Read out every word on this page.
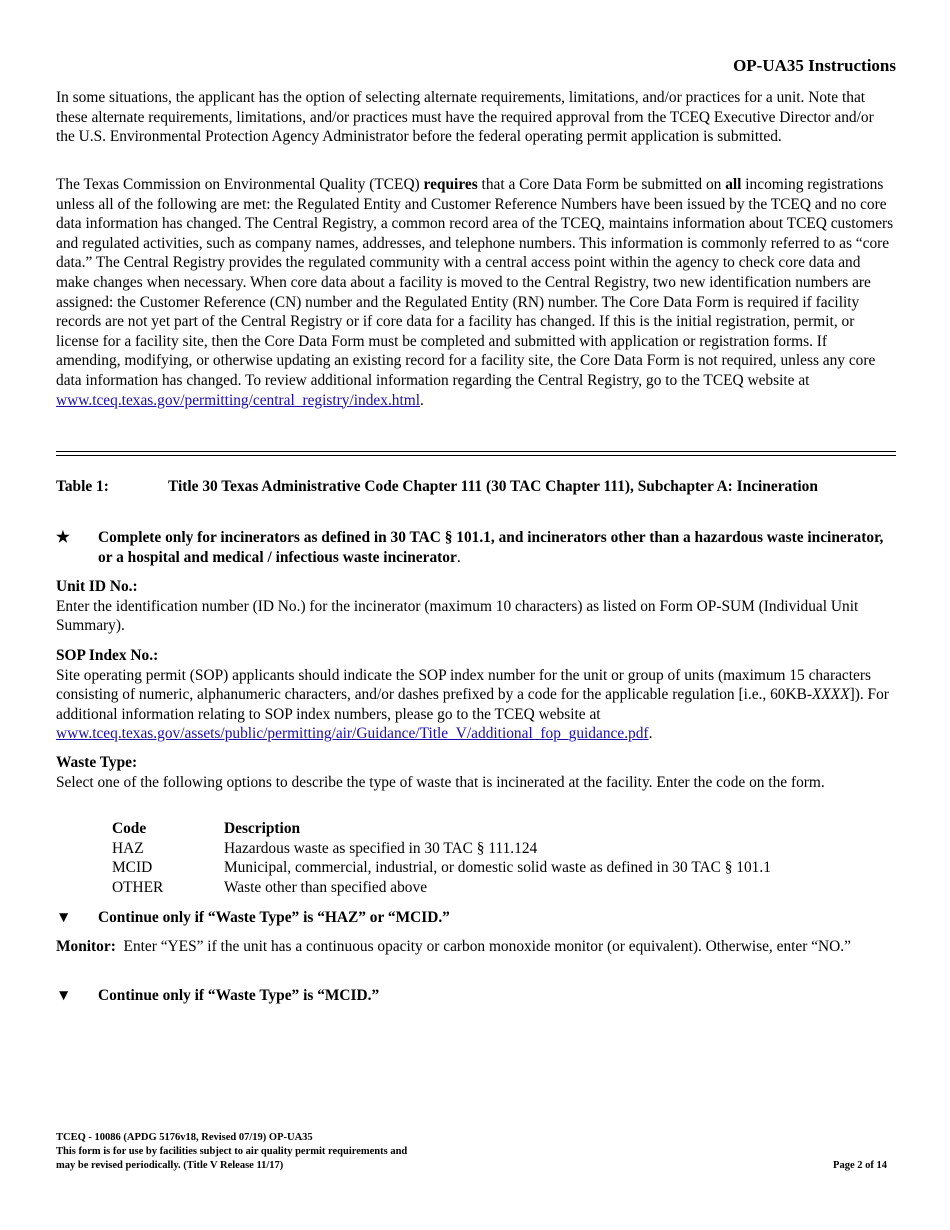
OP-UA35 Instructions

In some situations, the applicant has the option of selecting alternate requirements, limitations, and/or practices for a unit. Note that these alternate requirements, limitations, and/or practices must have the required approval from the TCEQ Executive Director and/or the U.S. Environmental Protection Agency Administrator before the federal operating permit application is submitted.

The Texas Commission on Environmental Quality (TCEQ) requires that a Core Data Form be submitted on all incoming registrations unless all of the following are met: the Regulated Entity and Customer Reference Numbers have been issued by the TCEQ and no core data information has changed. The Central Registry, a common record area of the TCEQ, maintains information about TCEQ customers and regulated activities, such as company names, addresses, and telephone numbers. This information is commonly referred to as “core data.” The Central Registry provides the regulated community with a central access point within the agency to check core data and make changes when necessary. When core data about a facility is moved to the Central Registry, two new identification numbers are assigned: the Customer Reference (CN) number and the Regulated Entity (RN) number. The Core Data Form is required if facility records are not yet part of the Central Registry or if core data for a facility has changed. If this is the initial registration, permit, or license for a facility site, then the Core Data Form must be completed and submitted with application or registration forms. If amending, modifying, or otherwise updating an existing record for a facility site, the Core Data Form is not required, unless any core data information has changed. To review additional information regarding the Central Registry, go to the TCEQ website at www.tceq.texas.gov/permitting/central_registry/index.html.

Table 1:	Title 30 Texas Administrative Code Chapter 111 (30 TAC Chapter 111), Subchapter A: Incineration
★ Complete only for incinerators as defined in 30 TAC § 101.1, and incinerators other than a hazardous waste incinerator, or a hospital and medical / infectious waste incinerator.
Unit ID No.:
Enter the identification number (ID No.) for the incinerator (maximum 10 characters) as listed on Form OP-SUM (Individual Unit Summary).
SOP Index No.:
Site operating permit (SOP) applicants should indicate the SOP index number for the unit or group of units (maximum 15 characters consisting of numeric, alphanumeric characters, and/or dashes prefixed by a code for the applicable regulation [i.e., 60KB-XXXX]). For additional information relating to SOP index numbers, please go to the TCEQ website at www.tceq.texas.gov/assets/public/permitting/air/Guidance/Title_V/additional_fop_guidance.pdf.
Waste Type:
Select one of the following options to describe the type of waste that is incinerated at the facility. Enter the code on the form.
Code	Description
HAZ	Hazardous waste as specified in 30 TAC § 111.124
MCID	Municipal, commercial, industrial, or domestic solid waste as defined in 30 TAC § 101.1
OTHER	Waste other than specified above
▼ Continue only if “Waste Type” is “HAZ” or “MCID.”
Monitor:  Enter “YES” if the unit has a continuous opacity or carbon monoxide monitor (or equivalent). Otherwise, enter “NO.”
▼ Continue only if “Waste Type” is “MCID.”
TCEQ - 10086 (APDG 5176v18, Revised 07/19) OP-UA35
This form is for use by facilities subject to air quality permit requirements and
may be revised periodically. (Title V Release 11/17)	Page 2 of 14
